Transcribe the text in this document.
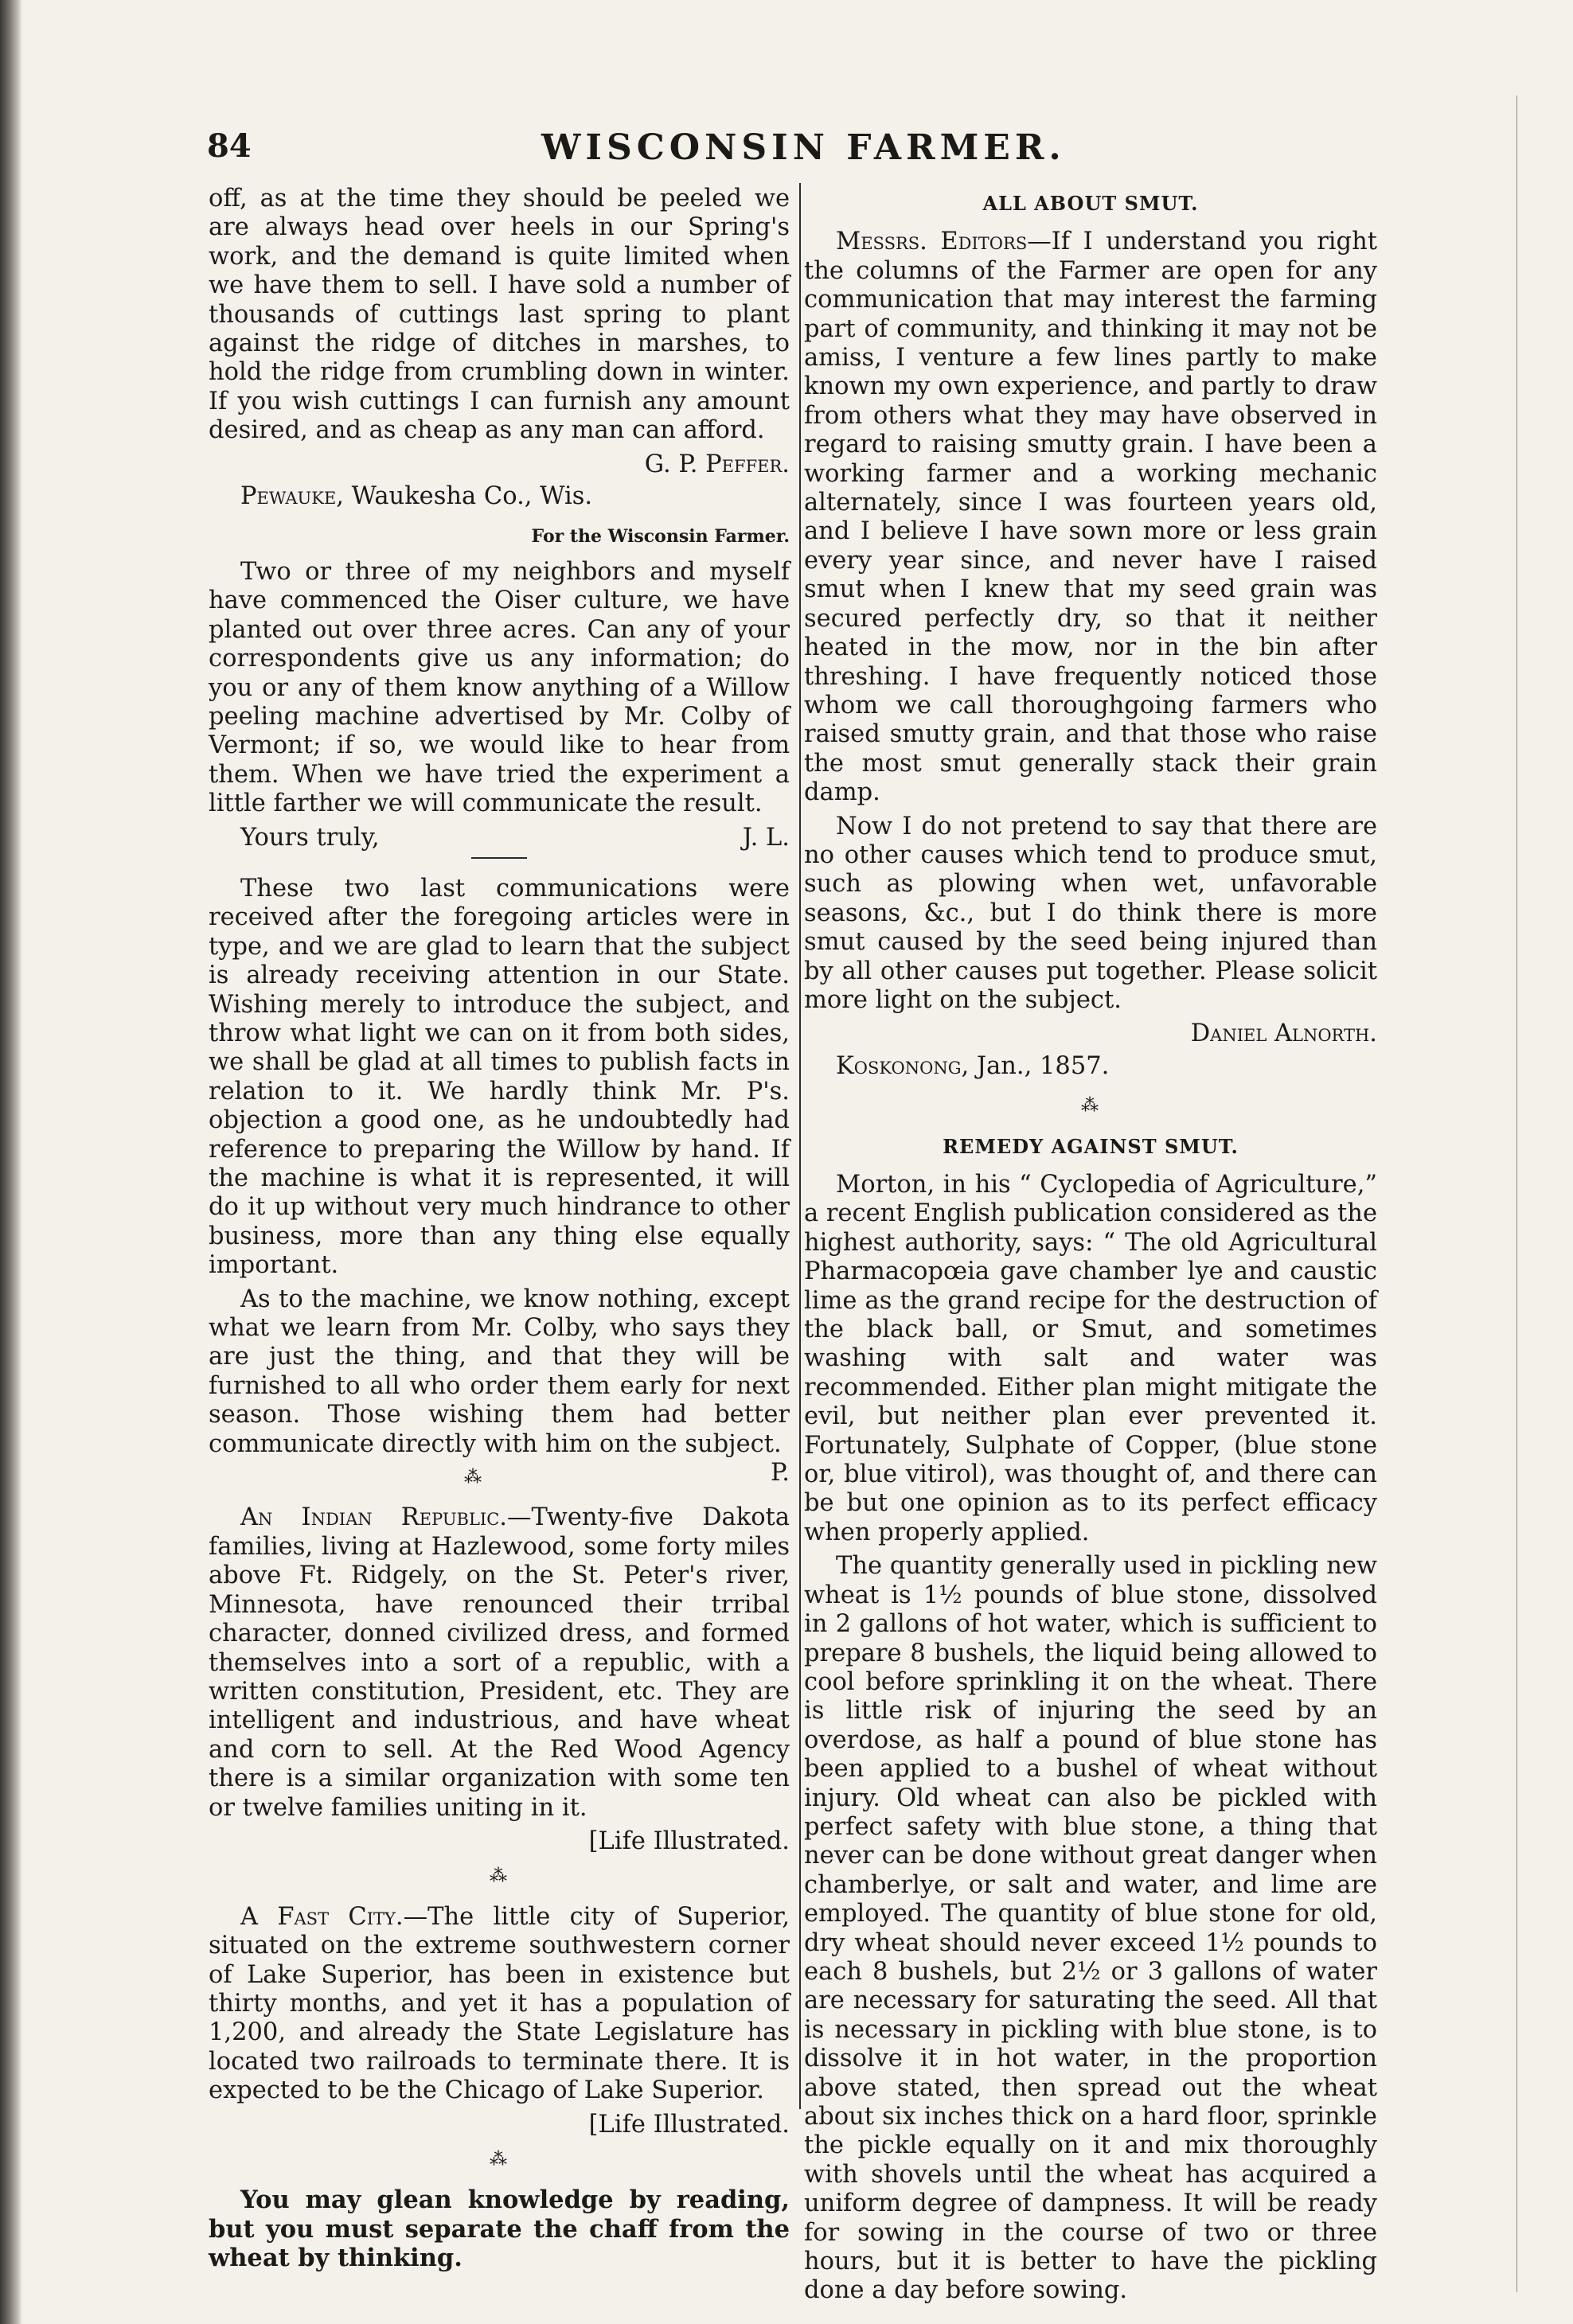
84	WISCONSIN FARMER.

off, as at the time they should be peeled we are always head over heels in our Spring's work, and the demand is quite limited when we have them to sell. I have sold a number of thousands of cuttings last spring to plant against the ridge of ditches in marshes, to hold the ridge from crumbling down in winter. If you wish cuttings I can furnish any amount desired, and as cheap as any man can afford.

G. P. Peffer.
Pewauke, Waukesha Co., Wis.
For the Wisconsin Farmer.

Two or three of my neighbors and myself have commenced the Oiser culture, we have planted out over three acres. Can any of your correspondents give us any information; do you or any of them know anything of a Willow peeling machine advertised by Mr. Colby of Vermont; if so, we would like to hear from them. When we have tried the experiment a little farther we will communicate the result.

Yours truly,	J. L.

These two last communications were received after the foregoing articles were in type, and we are glad to learn that the subject is already receiving attention in our State. Wishing merely to introduce the subject, and throw what light we can on it from both sides, we shall be glad at all times to publish facts in relation to it. We hardly think Mr. P's. objection a good one, as he undoubtedly had reference to preparing the Willow by hand. If the machine is what it is represented, it will do it up without very much hindrance to other business, more than any thing else equally important.

As to the machine, we know nothing, except what we learn from Mr. Colby, who says they are just the thing, and that they will be furnished to all who order them early for next season. Those wishing them had better communicate directly with him on the subject.
P.

⁂

An Indian Republic.—Twenty-five Dakota families, living at Hazlewood, some forty miles above Ft. Ridgely, on the St. Peter's river, Minnesota, have renounced their trribal character, donned civilized dress, and formed themselves into a sort of a republic, with a written constitution, President, etc. They are intelligent and industrious, and have wheat and corn to sell. At the Red Wood Agency there is a similar organization with some ten or twelve families uniting in it.

[Life Illustrated.
⁂

A Fast City.—The little city of Superior, situated on the extreme southwestern corner of Lake Superior, has been in existence but thirty months, and yet it has a population of 1,200, and already the State Legislature has located two railroads to terminate there. It is expected to be the Chicago of Lake Superior.

[Life Illustrated.
⁂

You may glean knowledge by reading, but you must separate the chaff from the wheat by thinking.

ALL ABOUT SMUT.

Messrs. Editors—If I understand you right the columns of the Farmer are open for any communication that may interest the farming part of community, and thinking it may not be amiss, I venture a few lines partly to make known my own experience, and partly to draw from others what they may have observed in regard to raising smutty grain. I have been a working farmer and a working mechanic alternately, since I was fourteen years old, and I believe I have sown more or less grain every year since, and never have I raised smut when I knew that my seed grain was secured perfectly dry, so that it neither heated in the mow, nor in the bin after threshing. I have frequently noticed those whom we call thoroughgoing farmers who raised smutty grain, and that those who raise the most smut generally stack their grain damp.

Now I do not pretend to say that there are no other causes which tend to produce smut, such as plowing when wet, unfavorable seasons, &c., but I do think there is more smut caused by the seed being injured than by all other causes put together. Please solicit more light on the subject.

Daniel Alnorth.
Koskonong, Jan., 1857.
⁂
REMEDY AGAINST SMUT.

Morton, in his “ Cyclopedia of Agriculture,” a recent English publication considered as the highest authority, says: “ The old Agricultural Pharmacopœia gave chamber lye and caustic lime as the grand recipe for the destruction of the black ball, or Smut, and sometimes washing with salt and water was recommended. Either plan might mitigate the evil, but neither plan ever prevented it. Fortunately, Sulphate of Copper, (blue stone or, blue vitirol), was thought of, and there can be but one opinion as to its perfect efficacy when properly applied.

The quantity generally used in pickling new wheat is 1½ pounds of blue stone, dissolved in 2 gallons of hot water, which is sufficient to prepare 8 bushels, the liquid being allowed to cool before sprinkling it on the wheat. There is little risk of injuring the seed by an overdose, as half a pound of blue stone has been applied to a bushel of wheat without injury. Old wheat can also be pickled with perfect safety with blue stone, a thing that never can be done without great danger when chamberlye, or salt and water, and lime are employed. The quantity of blue stone for old, dry wheat should never exceed 1½ pounds to each 8 bushels, but 2½ or 3 gallons of water are necessary for saturating the seed. All that is necessary in pickling with blue stone, is to dissolve it in hot water, in the proportion above stated, then spread out the wheat about six inches thick on a hard floor, sprinkle the pickle equally on it and mix thoroughly with shovels until the wheat has acquired a uniform degree of dampness. It will be ready for sowing in the course of two or three hours, but it is better to have the pickling done a day before sowing.
